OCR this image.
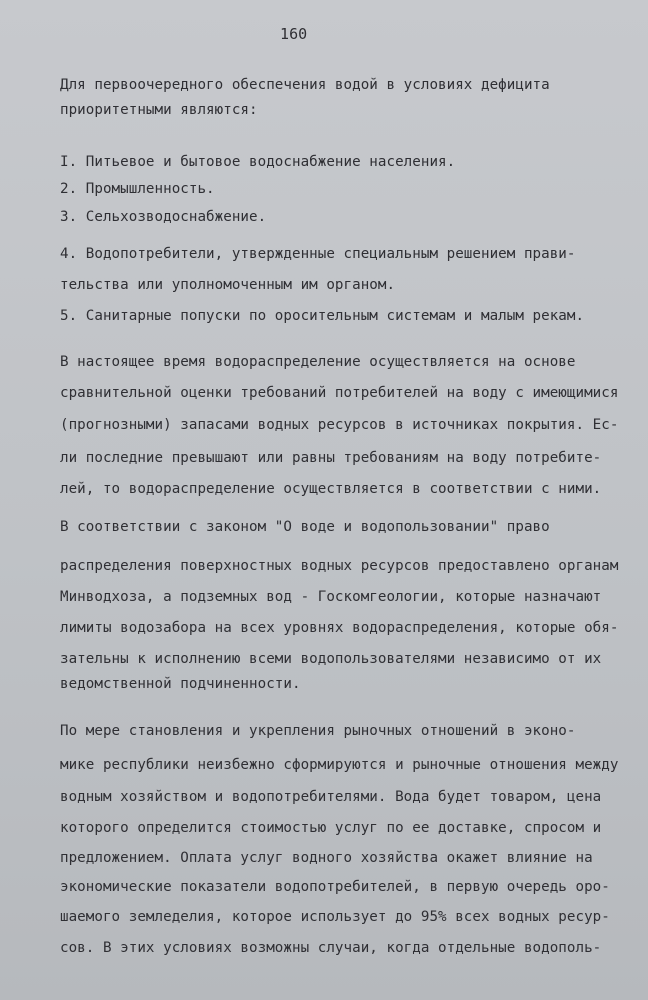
160
Для первоочередного обеспечения водой в условиях дефицита
приоритетными являются:
I. Питьевое и бытовое водоснабжение населения.
2. Промышленность.
3. Сельхозводоснабжение.
4. Водопотребители, утвержденные специальным решением прави-
тельства или уполномоченным им органом.
5. Санитарные попуски по оросительным системам и малым рекам.
В настоящее время водораспределение осуществляется на основе
сравнительной оценки требований потребителей на воду с имеющимися
(прогнозными) запасами водных ресурсов в источниках покрытия. Ес-
ли последние превышают или равны требованиям на воду потребите-
лей, то водораспределение осуществляется в соответствии с ними.
В соответствии с законом "О воде и водопользовании" право
распределения поверхностных водных ресурсов предоставлено органам
Минводхоза, а подземных вод - Госкомгеологии, которые назначают
лимиты водозабора на всех уровнях водораспределения, которые обя-
зательны к исполнению всеми водопользователями независимо от их
ведомственной подчиненности.
По мере становления и укрепления рыночных отношений в эконо-
мике республики неизбежно сформируются и рыночные отношения между
водным хозяйством и водопотребителями. Вода будет товаром, цена
которого определится стоимостью услуг по ее доставке, спросом и
предложением. Оплата услуг водного хозяйства окажет влияние на
экономические показатели водопотребителей, в первую очередь оро-
шаемого земледелия, которое использует до 95% всех водных ресур-
сов. В этих условиях возможны случаи, когда отдельные водополь-
